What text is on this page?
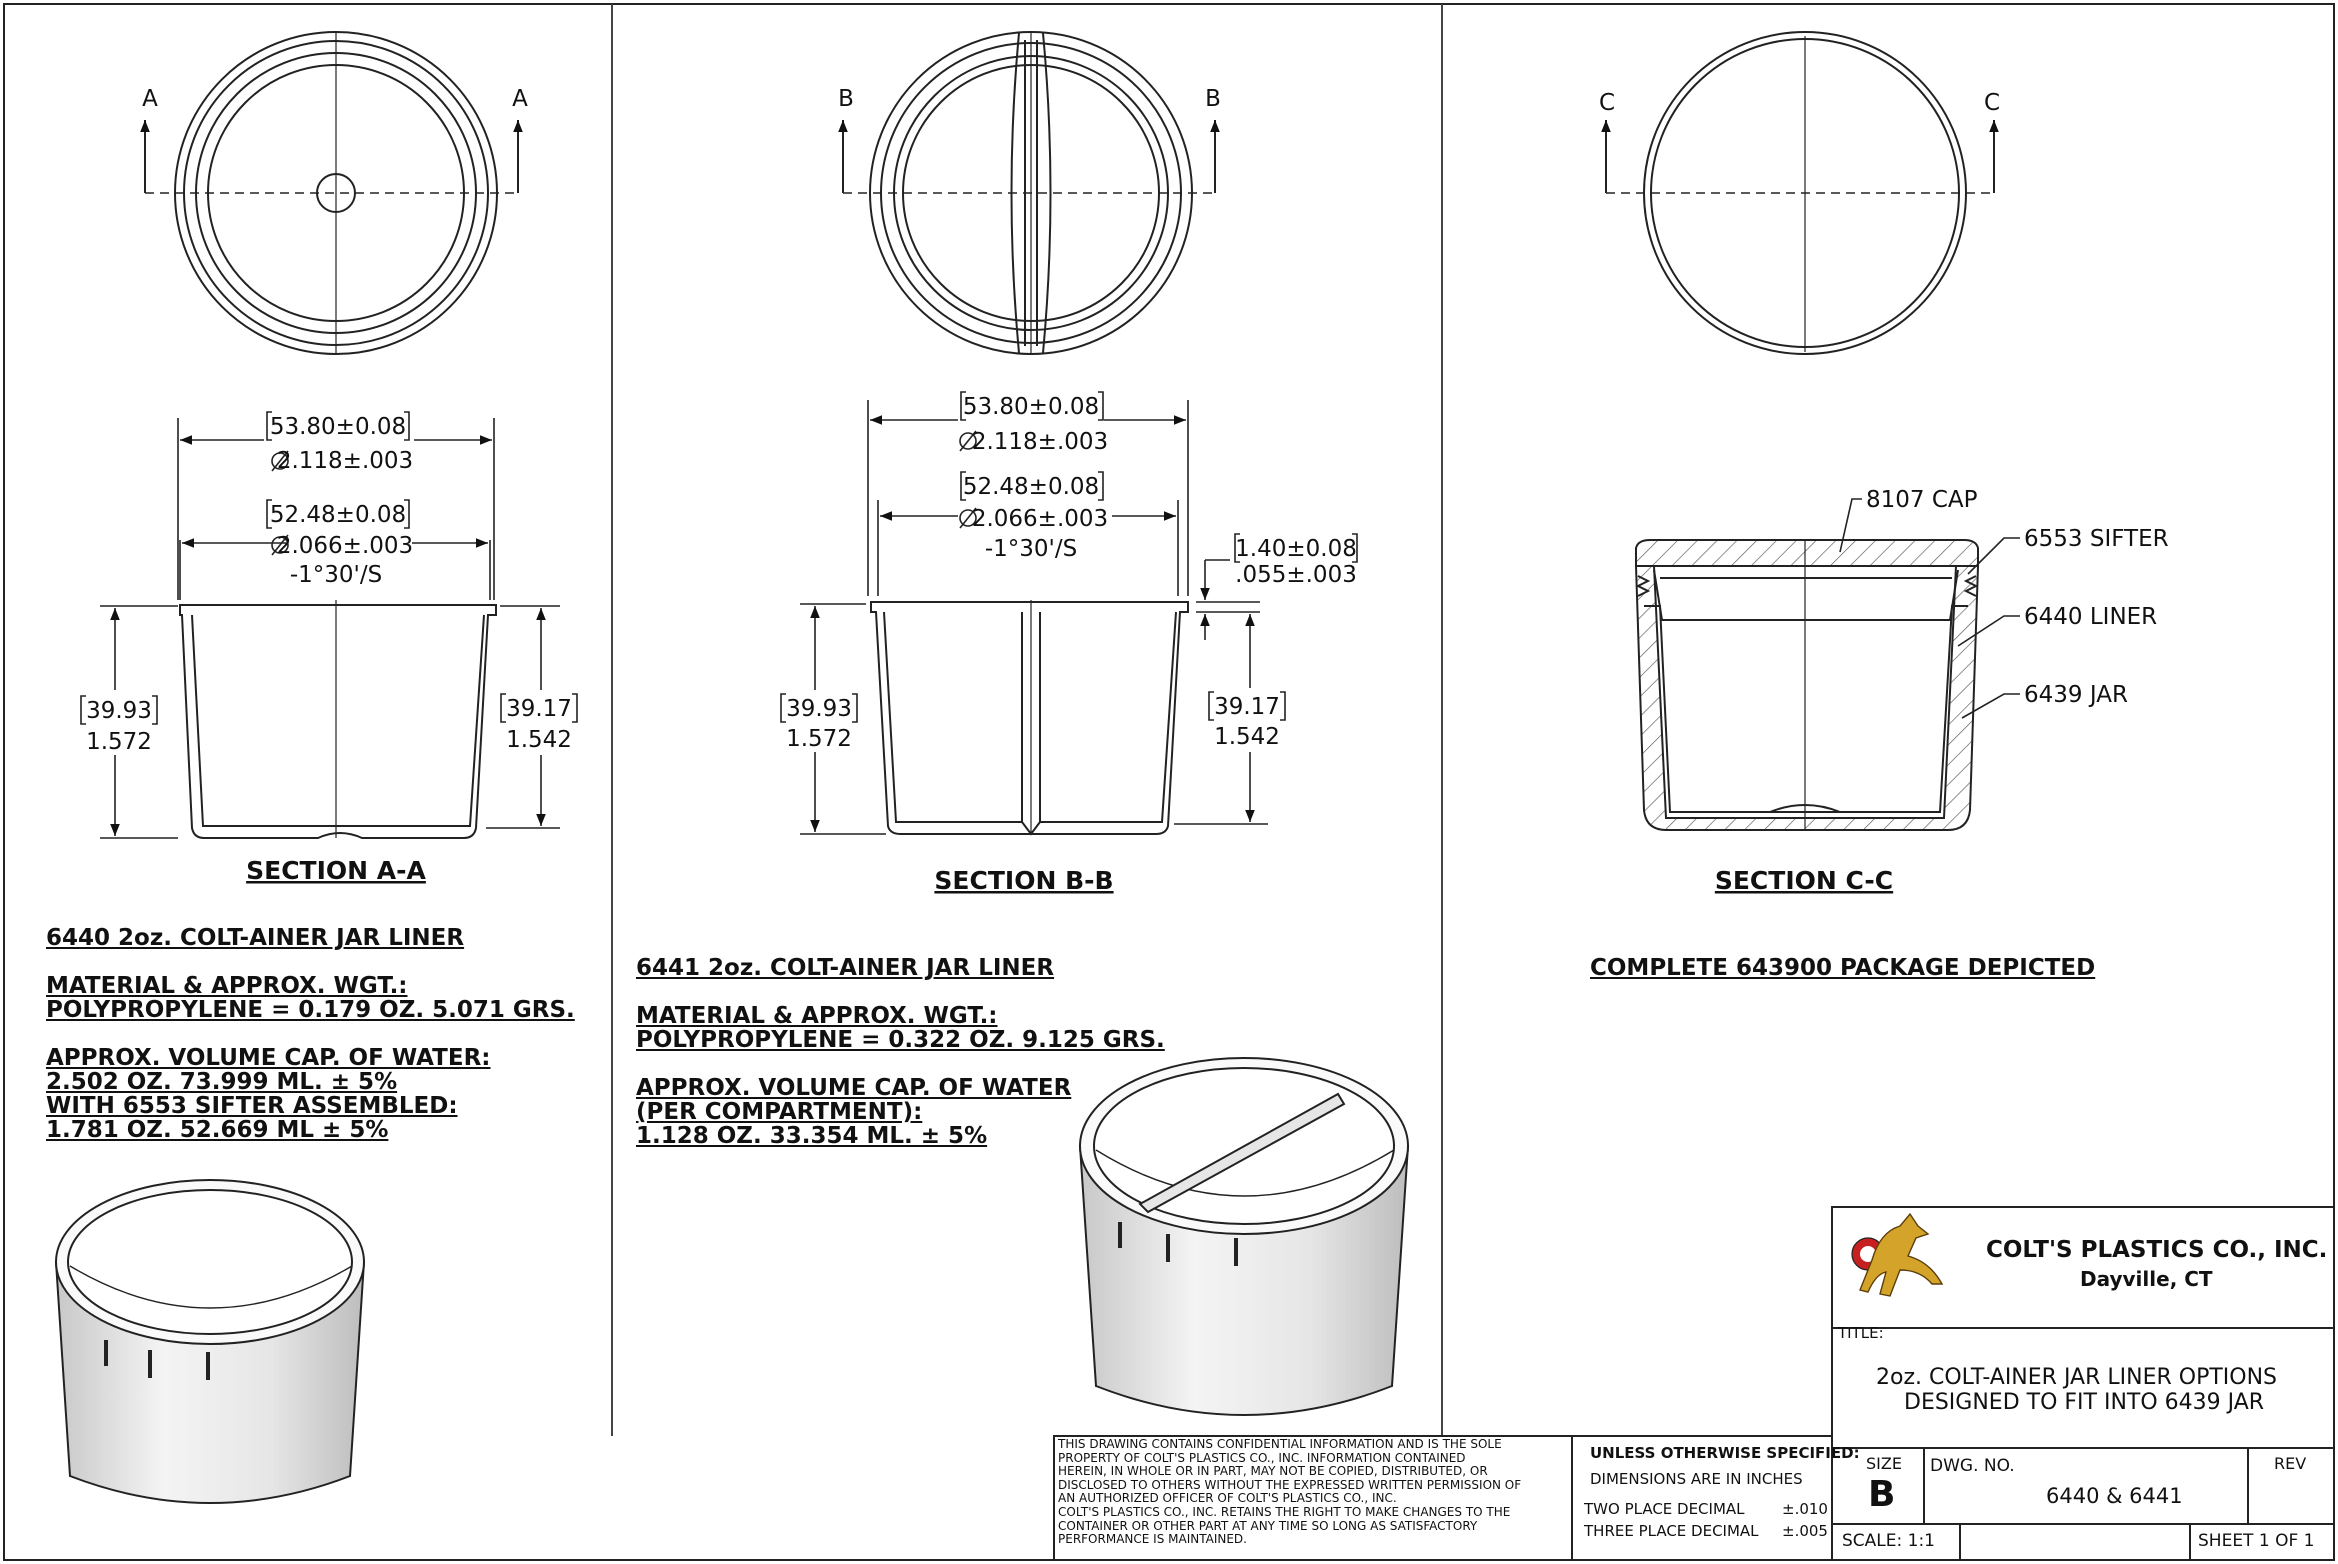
A	A
53.80±0.08
2.118±.003
52.48±0.08
2.066±.003
-1°30'/S
39.93
1.572
39.17
1.542
SECTION A-A
B	B
53.80±0.08
2.118±.003
52.48±0.08
2.066±.003
-1°30'/S	1.40±0.08
.055±.003
39.93
1.572
39.17
1.542
SECTION B-B
C	C
8107 CAP
6553 SIFTER
6440 LINER
6439 JAR
SECTION C-C
6440 2oz. COLT-AINER JAR LINER
MATERIAL & APPROX. WGT.:
POLYPROPYLENE = 0.179 OZ. 5.071 GRS.
APPROX. VOLUME CAP. OF WATER:
2.502 OZ. 73.999 ML. ± 5%
WITH 6553 SIFTER ASSEMBLED:
1.781 OZ. 52.669 ML ± 5%
6441 2oz. COLT-AINER JAR LINER
MATERIAL & APPROX. WGT.:
POLYPROPYLENE = 0.322 OZ. 9.125 GRS.
APPROX. VOLUME CAP. OF WATER
(PER COMPARTMENT):
1.128 OZ. 33.354 ML. ± 5%
COMPLETE 643900 PACKAGE DEPICTED
COLT'S PLASTICS CO., INC.
Dayville, CT
TITLE:
2oz. COLT-AINER JAR LINER OPTIONS
DESIGNED TO FIT INTO 6439 JAR
SIZE
B
DWG. NO.
6440 & 6441
REV
SCALE: 1:1	SHEET 1 OF 1
UNLESS OTHERWISE SPECIFIED:
DIMENSIONS ARE IN INCHES
TWO PLACE DECIMAL ±.010
THREE PLACE DECIMAL ±.005
THIS DRAWING CONTAINS CONFIDENTIAL INFORMATION AND IS THE SOLE
PROPERTY OF COLT'S PLASTICS CO., INC. INFORMATION CONTAINED
HEREIN, IN WHOLE OR IN PART, MAY NOT BE COPIED, DISTRIBUTED, OR
DISCLOSED TO OTHERS WITHOUT THE EXPRESSED WRITTEN PERMISSION OF
AN AUTHORIZED OFFICER OF COLT'S PLASTICS CO., INC.
COLT'S PLASTICS CO., INC. RETAINS THE RIGHT TO MAKE CHANGES TO THE
CONTAINER OR OTHER PART AT ANY TIME SO LONG AS SATISFACTORY
PERFORMANCE IS MAINTAINED.
